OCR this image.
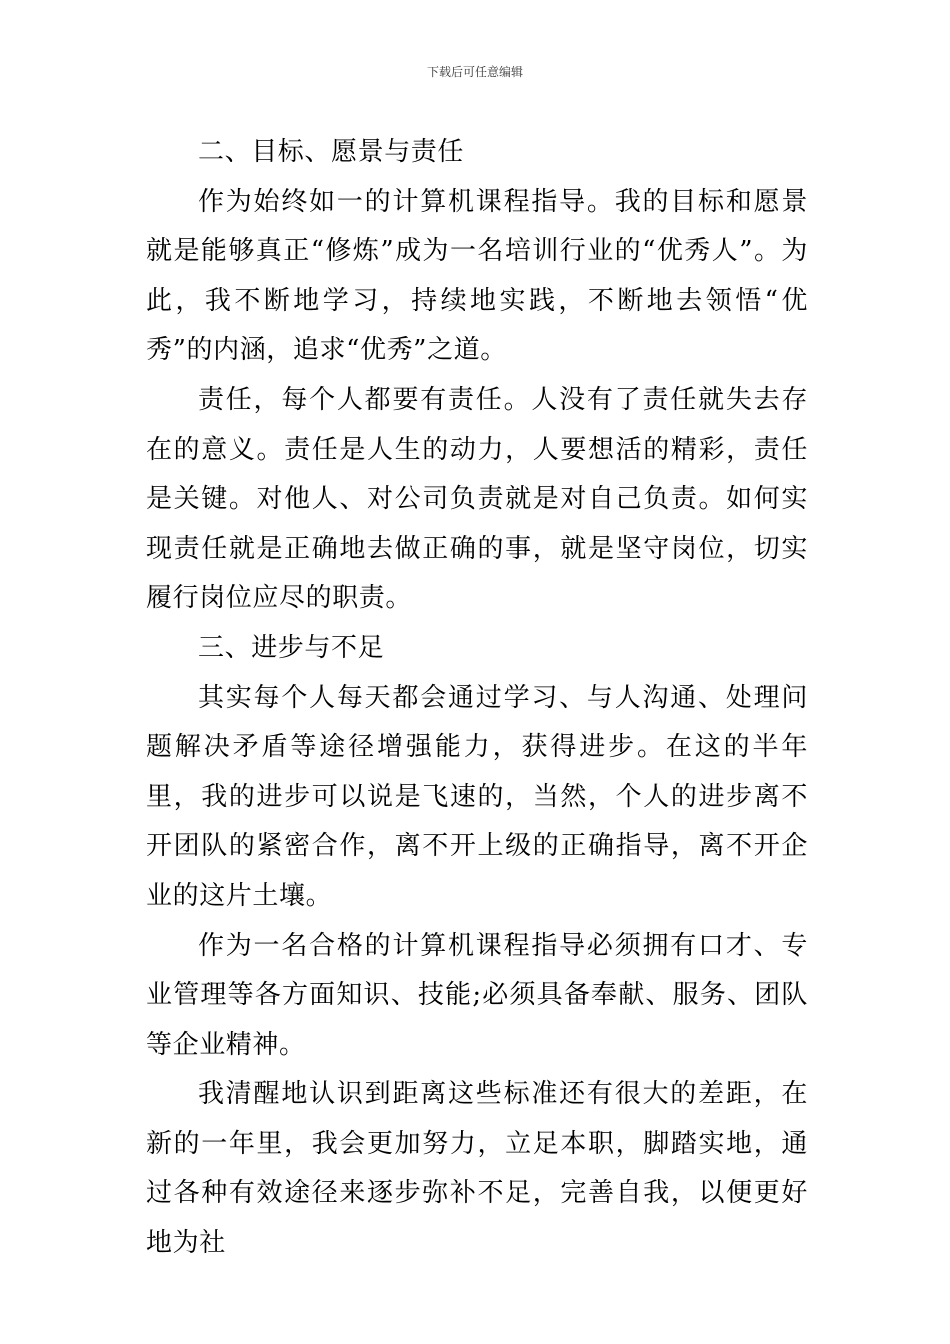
下载后可任意编辑

二、目标、愿景与责任

作为始终如一的计算机课程指导。我的目标和愿景就是能够真正“修炼”成为一名培训行业的“优秀人”。为此，我不断地学习，持续地实践，不断地去领悟“优秀”的内涵，追求“优秀”之道。

责任，每个人都要有责任。人没有了责任就失去存在的意义。责任是人生的动力，人要想活的精彩，责任是关键。对他人、对公司负责就是对自己负责。如何实现责任就是正确地去做正确的事，就是坚守岗位，切实履行岗位应尽的职责。

三、进步与不足

其实每个人每天都会通过学习、与人沟通、处理问题解决矛盾等途径增强能力，获得进步。在这的半年里，我的进步可以说是飞速的，当然，个人的进步离不开团队的紧密合作，离不开上级的正确指导，离不开企业的这片土壤。

作为一名合格的计算机课程指导必须拥有口才、专业管理等各方面知识、技能;必须具备奉献、服务、团队等企业精神。

我清醒地认识到距离这些标准还有很大的差距，在新的一年里，我会更加努力，立足本职，脚踏实地，通过各种有效途径来逐步弥补不足，完善自我，以便更好地为社
